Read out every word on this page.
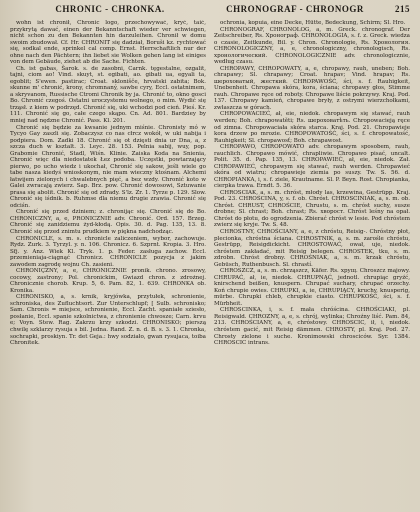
CHRONIC - CHRONKA.	CHRONOGRAF - CHRONOGR	215

wohn ist chronił, Chronic logo, przechowywać, kryć, taić, przykrytą dawać, einen der Bekanntschaft wieder ver schwiegen, nicht schon zu den Bekannten hin darzuleihen. Chronił w domu swoim zbudował. Cf. Hr. CHRONIT się dadział, Boruši kz. rychtować się, sodkal ende, sprinkel cal comp. Ernst. Herrschaftlich nur der ohne nach den Pächtern; ihn liebet sie Wolken gehen lang ist einiges von dem Gebäude, ziehet ab die Sache. Fichten.

Ch. ist gabas, Šarok. s. de zasobni, Carnk. tęgestalne, ozgalit, tajni, ciom ao! Vind. skuyt, st. egibati, ao. gibati ua, egyali ta, egoblit; S'ewen. pastirac; Croat. sklonišče, hrvatski zabita; Bok. skunne m' chronić, krony, chromnaný, sawbe cyry, Eccl. ostatnimem, a skryvanom, Russische Ctromi Chronik by ja. Chronić to, okno gosci Bo. Chronić czegoś. Ostatni uroczystemu wolnego, o mim. Wydić się trząsł. z kiem w podrzęd. Chronić się, uki wchodzi pod cień. Pieś. Kr. 111. Chronić się go, całe czego skąpo. Cn. Ad. 801. Bardziey by mniej nad nędzne Chronić. Pass. Kl. 201.

Chronić się będzie za kwsanie jednym miśnie. Chronisty mó w Tycyo Gay zaszli się. Zobaczysz co nas cłrcz wokół, w uki nabija i podpiera. Dom. Zadki 18. Chronić się ot dzięsti dnia ur Dna, a, z szcza duch w ksztalt. 3. Leyc. 28. 153. Pelnia sabij, wuy, pop. Grabomie Chronić, Stadl, Wiśn. Klinie. Zaiska Koda na Snienia, Chronić więc dla niedostatek Łez podoba. Uczęstki, powtarzający pierwo, po ucho wiedz i ukochał, Chronić się sakow, jeśli wiele go tabe nasza kiedyś wnioskonym, nie mam wieczny ktośnam. Alchemi łatwijem zielonych i chwalebnych pięć, a bez wzdy. Chronić koto w Galei zwracają zwierz. Sap. Brz. pow. Chronić dowosowi, Sztuwanie prasa się abolit. Chronić się od zdrady. S'lz. Zr. 1. Tyrze p. 129. Slow. Chronić się iśdnik. b. Ruhmse dla niemu drugie zrawia. Chronić się odciśn.

Chronić się przed dziniem; z. chronijąc się. Chronić się do Bo. CHRONICZNY, a, e, PRONICZNIE adv. Chronić. Ord. 157. Brzeg. Chronić się zanidziemu żyd-kłodą. Opis. 30. d. Pag. 135, 13. 8. Chronić się przed znimtu prudkiem w piękna nadchodząc.

CHRONICLE, s. m. s. chronicle zaliczeniem, wybor, zachowuje. Rydz. Zurk. 3. Tyrzyl. y. n. 106. Chronicz. 6. Szprnt. Kropia. 3. Hro. Sfj. y. Anz. Wiek Kl. Tryk. 1. p. Feder. zasługa zachow. Eccl. przemieniaja-ciągnąć Chronicz. CHRONICLE pozycja z jakim zawodem zagrodę wojnu Ch. zasieni.

CHRONIÇZNY, a, e, CHRONICZNIE pronik. chrono. zrosowy, cocowy, zastrony; Pol. chronickim, Gwiazd chron. z zdrożnej. Chronicznie chorob. Krup. 5, 6. Pam. 82, 1. 639. CHRONKA ob. Kronika.

CHRONISKO, a, s. krnik, kryjówka, przytułek, schronienie, schroniska, des Zufluchtsort. Zur Unterschlupf; [ Sulb. schronisko; Sam. Chronis = miejsce, schronienie, Eccl. Zacht. spaniałe sziesło, posłanie, Eccl. spanie szkolnictwa, z chronienie chwosze; Carn. krvu e; Voyn. Stew. Rag. Zakrzu krzy szkodzi. CHRONISKO; pierszą chwilę szklarzy rysuja s bil. Jedna. Rand. Z. n. d. B. s. 3. 1. Chronka, sochrapki, proskiyn. Tr. det Geja.: hwy sodziało, gwan rysujaca, toiba Chronitek.

ochronia, kopuia, eine Decke, Hütte, Bedeckung, Schirm; Sl. Hro.

CHRONOGRAF, CHRONOLOG, a, m. Greck. chronograf. Der Zeitschreiber, Rs. Хронограф. CHRONOLOGIA, s. f. z. Greck. wiedza o czasie, Zeitkunde, Bil. y. Chron. Chronologie, Rs. Хронология. CHRONOLOGICZNY, a, e, chronologiczny, chronologisch, Rs. хронологический. CHRONOLOGICZNIE adv. chronologicznie, według czasu.

CHROPAWY, CHROPOWATY, a, e, chropawy, rauh, uneben; Boh. chrapawy; Sl. chrapawy; Croat. hrapav; Vind. hrapav; Rs. шероховатый, жесткий. CHROPAWOŚĆ, ści, s. f. Rauhigkeit, Unebenheit. Chropawa skóra, kora, ściana; chropawy głos, Stimme rauh. Chropawe ręce od roboty. Chropawe liście pokrzywy. Kraj. Pod. 137. Chropawy kamień, chropawe bryły, z ostrymi wierzchołkami, zwłaszcza w górach.

CHROPOWACIEĆ, ał, eie, niedok. chropawym się stawać, rauh werden; Boh. chrapowatěti; Rs. шероховатѣть. Chropowacieją ręce od zimna. Chropowaciała skóra starca. Kraj. Pod. 21. Chropawieje kora drzew po mrozie. CHROPOWATOŚĆ, ści, s. f. chropowatość, Rauhigkeit; Sl. chropawosť; Boh. chrapawost.

CHROPAWO, CHROPOWATO adv. chropawym sposobem, rauh, rauchlich. Chropawo mówić, chrapliwie. Chropawo pisać, uncalt. Polit. 35. d. Pap. 135, 13. CHROPAWIEĆ, ał, eie, niedok. Zał. CHROPAWIEĆ, chropawym się stawać, rauh werden. Chropawieć skóra od wiatru; chropawieje ziemia po suszy. Tw. S. 56. d. CHROPIANKA, i, s. f. ziele, Krautname. Sl. P. Beyn. Rost. Chropianka, cierpka trawa. Erndt. 5. 36.

CHROSCIAK, a, s. m. chróst, młody las, krzewina, Gestrüpp. Kraj. Pod. 23. CHROŚCINA, y, s. f. ob. Chróst. CHROSCINIAK, a, s. m. ob. Chróst. CHRUST, CHROŚCIE, Chrustu, s. m. chróst suchy, susze drobne; Sl. chrast; Boh. chrast; Rs. хворост. Chróst leśny na opał. Chróst do płotu, do ogrodzenia. Zbierać chróst w lesie. Pod chróstem zwierz się kryje. Tw. S. 48.

CHROSTNY, CHROŚCIANY, a, e, z chróstu, Reisig-. Chróstny płot, plecionka, chróstna ściana. CHROSTNIK, a, s. m. zarośle chróstu, Gestrüpp, Reisigdickicht. CHROSTOWAĆ, ował, uje, niedok. chróstem zakładać, mit Reisig belegen. CHROSTEK, tku, s. m. zdrobn. Chróst drobny. CHROŚNIAK, a, s. m. krzak chróstu, Gebüsch, Ruthenbusch. Sl. chrastí.

CHROSZCZ, a, s. m. chrząszcz, Käfer. Rs. хрущ. Chroszcz majowy. CHRUPAĆ, ał, ie, niedok. CHRUPNĄĆ, jednotl. chrupiąc gryźć, knirschend beißen, knuspern. Chrupać suchary, chrupać orzechy. Koń chrupie owies. CHRUPKI, a, ie, CHRUPIĄCY, kruchy, knusperig, mürbe. Chrupki chleb, chrupkie ciasto. CHRUPKOŚĆ, ści, s. f. Mürbheit.

CHROSCINKA, i, s. f. mała chróścina. CHROŚCIAKI, pl. Reisigwald. CHROZNY, a, e, s. chrój, wylinka; Chroźny liść. Pam. 84, 213. CHROŚCIANY, a, e, chróstowy. CHROSCIC, ił, i, niedok. chróstem gacić, mit Reisig dämmen. CHROSTY, pl. Kraj. Pod. 27. Chrosty zielone i suche. Kronimowski chrosciców. Syr. 1384. CHROSCIC intrans.
